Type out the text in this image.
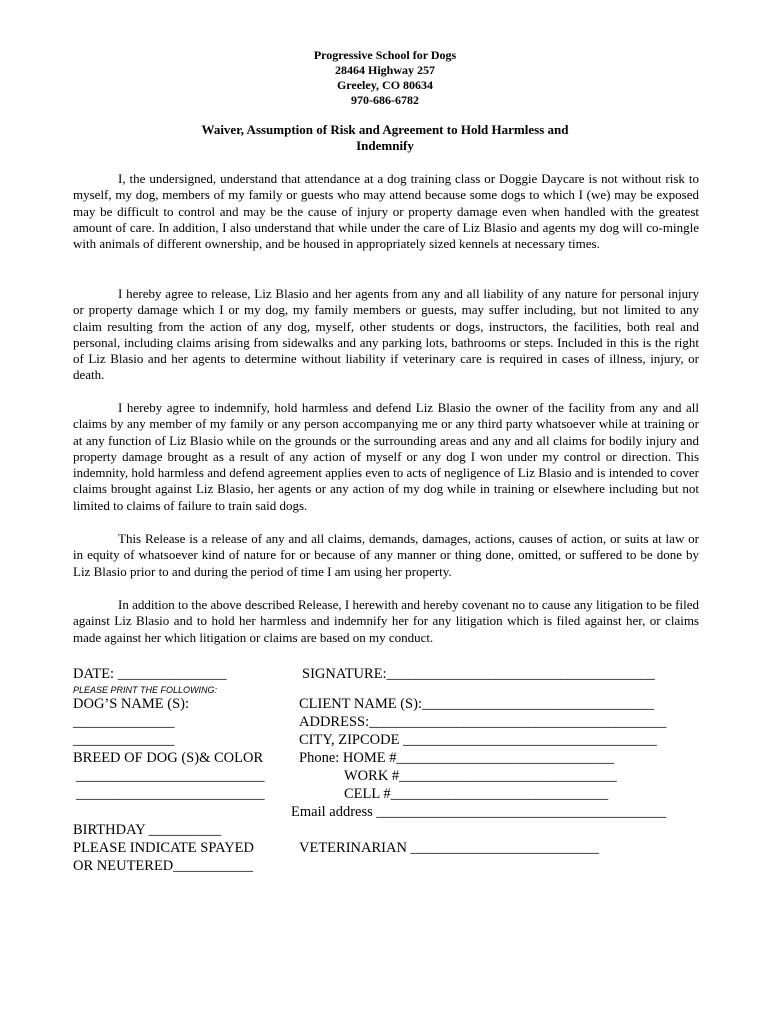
Progressive School for Dogs
28464 Highway 257
Greeley, CO 80634
970-686-6782
Waiver, Assumption of Risk and Agreement to Hold Harmless and
Indemnify

I, the undersigned, understand that attendance at a dog training class or Doggie Daycare is not without risk to myself, my dog, members of my family or guests who may attend because some dogs to which I (we) may be exposed may be difficult to control and may be the cause of injury or property damage even when handled with the greatest amount of care. In addition, I also understand that while under the care of Liz Blasio and agents my dog will co-mingle with animals of different ownership, and be housed in appropriately sized kennels at necessary times.

I hereby agree to release, Liz Blasio and her agents from any and all liability of any nature for personal injury or property damage which I or my dog, my family members or guests, may suffer including, but not limited to any claim resulting from the action of any dog, myself, other students or dogs, instructors, the facilities, both real and personal, including claims arising from sidewalks and any parking lots, bathrooms or steps. Included in this is the right of Liz Blasio and her agents to determine without liability if veterinary care is required in cases of illness, injury, or death.

I hereby agree to indemnify, hold harmless and defend Liz Blasio the owner of the facility from any and all claims by any member of my family or any person accompanying me or any third party whatsoever while at training or at any function of Liz Blasio while on the grounds or the surrounding areas and any and all claims for bodily injury and property damage brought as a result of any action of myself or any dog I won under my control or direction. This indemnity, hold harmless and defend agreement applies even to acts of negligence of Liz Blasio and is intended to cover claims brought against Liz Blasio, her agents or any action of my dog while in training or elsewhere including but not limited to claims of failure to train said dogs.

This Release is a release of any and all claims, demands, damages, actions, causes of action, or suits at law or in equity of whatsoever kind of nature for or because of any manner or thing done, omitted, or suffered to be done by Liz Blasio prior to and during the period of time I am using her property.

In addition to the above described Release, I herewith and hereby covenant no to cause any litigation to be filed against Liz Blasio and to hold her harmless and indemnify her for any litigation which is filed against her, or claims made against her which litigation or claims are based on my conduct.

DATE: _______________	SIGNATURE:_____________________________________
PLEASE PRINT THE FOLLOWING:
DOG’S NAME (S):	CLIENT NAME (S):________________________________
______________	ADDRESS:_________________________________________
______________	CITY, ZIPCODE ___________________________________
BREED OF DOG (S)& COLOR Phone: HOME #______________________________
__________________________	WORK #______________________________
__________________________	CELL #______________________________
Email address ________________________________________
BIRTHDAY __________
PLEASE INDICATE SPAYED	VETERINARIAN __________________________
OR NEUTERED___________
